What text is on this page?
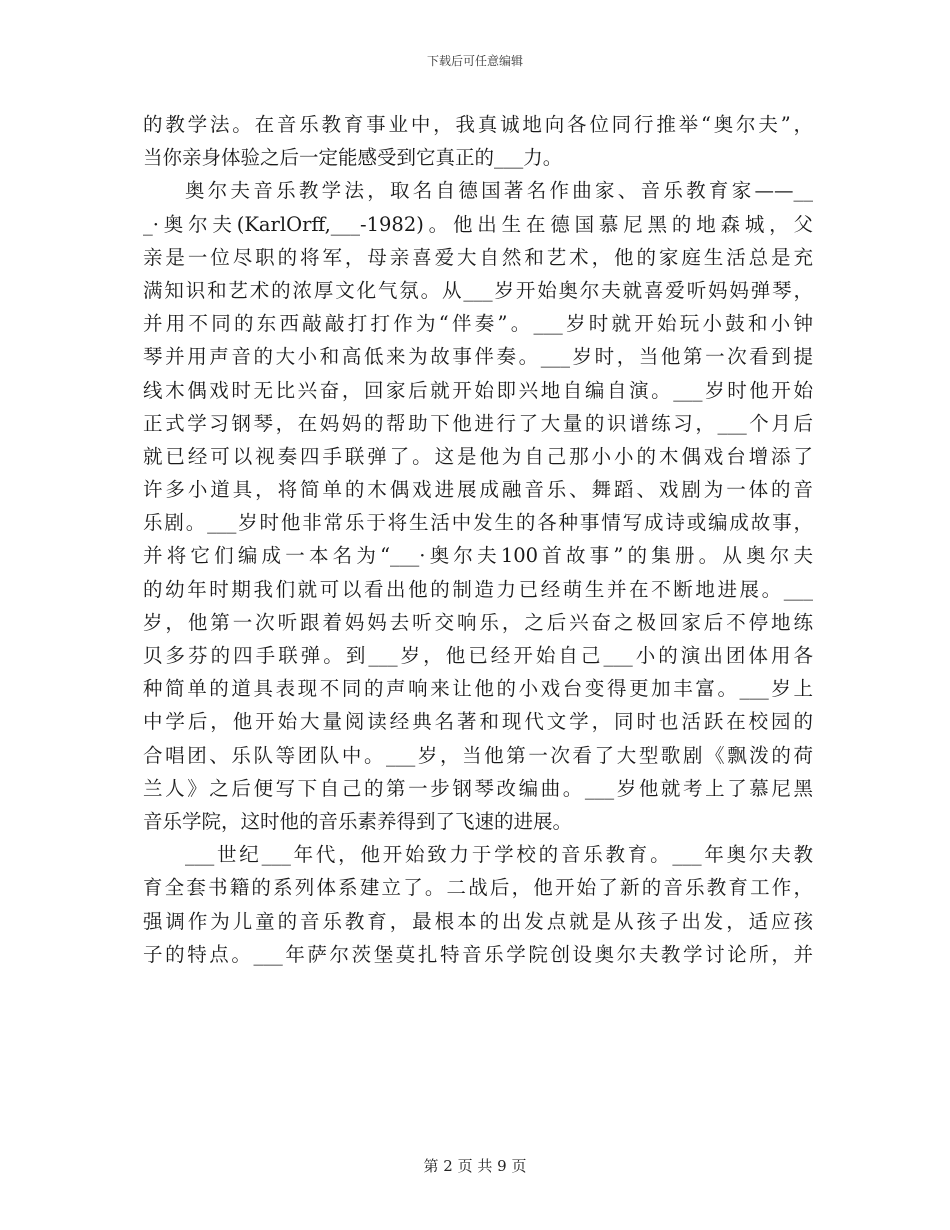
下载后可任意编辑
的教学法。在音乐教育事业中，我真诚地向各位同行推举“奥尔夫”，
当你亲身体验之后一定能感受到它真正的___力。
奥尔夫音乐教学法，取名自德国著名作曲家、音乐教育家——__
_·奥尔夫(KarlOrff,___-1982)。他出生在德国慕尼黑的地森城，父
亲是一位尽职的将军，母亲喜爱大自然和艺术，他的家庭生活总是充
满知识和艺术的浓厚文化气氛。从___岁开始奥尔夫就喜爱听妈妈弹琴，
并用不同的东西敲敲打打作为“伴奏”。___岁时就开始玩小鼓和小钟
琴并用声音的大小和高低来为故事伴奏。___岁时，当他第一次看到提
线木偶戏时无比兴奋，回家后就开始即兴地自编自演。___岁时他开始
正式学习钢琴，在妈妈的帮助下他进行了大量的识谱练习，___个月后
就已经可以视奏四手联弹了。这是他为自己那小小的木偶戏台增添了
许多小道具，将简单的木偶戏进展成融音乐、舞蹈、戏剧为一体的音
乐剧。___岁时他非常乐于将生活中发生的各种事情写成诗或编成故事，
并将它们编成一本名为“___·奥尔夫100首故事”的集册。从奥尔夫
的幼年时期我们就可以看出他的制造力已经萌生并在不断地进展。___
岁，他第一次听跟着妈妈去听交响乐，之后兴奋之极回家后不停地练
贝多芬的四手联弹。到___岁，他已经开始自己___小的演出团体用各
种简单的道具表现不同的声响来让他的小戏台变得更加丰富。___岁上
中学后，他开始大量阅读经典名著和现代文学，同时也活跃在校园的
合唱团、乐队等团队中。___岁，当他第一次看了大型歌剧《飘泼的荷
兰人》之后便写下自己的第一步钢琴改编曲。___岁他就考上了慕尼黑
音乐学院，这时他的音乐素养得到了飞速的进展。
___世纪___年代，他开始致力于学校的音乐教育。___年奥尔夫教
育全套书籍的系列体系建立了。二战后，他开始了新的音乐教育工作，
强调作为儿童的音乐教育，最根本的出发点就是从孩子出发，适应孩
子的特点。___年萨尔茨堡莫扎特音乐学院创设奥尔夫教学讨论所，并
第 2 页 共 9 页
